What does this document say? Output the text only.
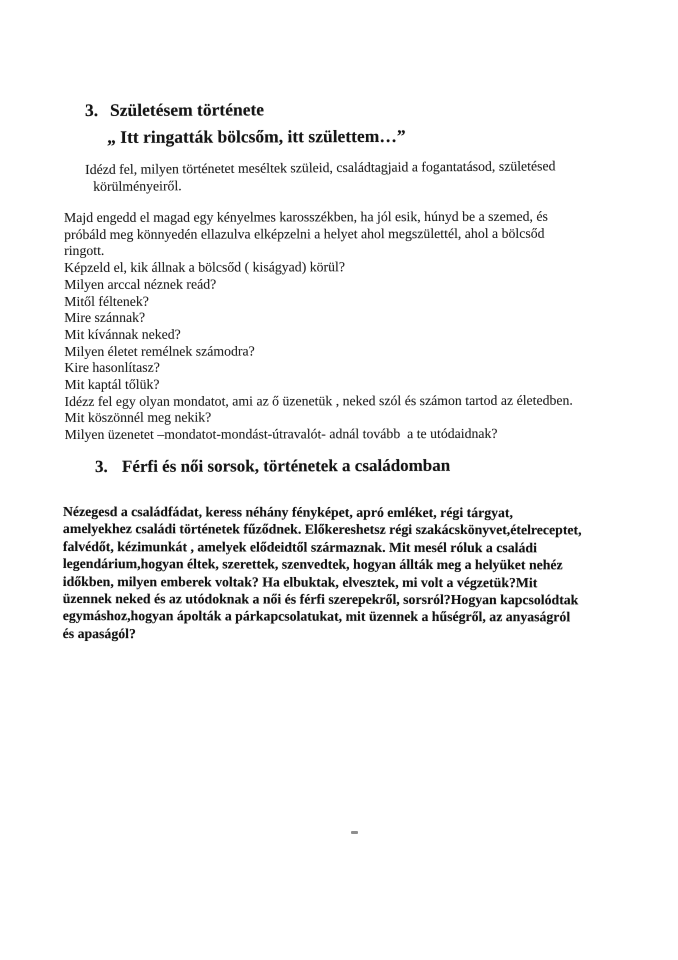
3. Születésem története
„ Itt ringatták bölcsőm, itt születtem…”
Idézd fel, milyen történetet meséltek szüleid, családtagjaid a fogantatásod, születésed
körülményeiről.
Majd engedd el magad egy kényelmes karosszékben, ha jól esik, húnyd be a szemed, és
próbáld meg könnyedén ellazulva elképzelni a helyet ahol megszülettél, ahol a bölcsőd
ringott.
Képzeld el, kik állnak a bölcsőd ( kiságyad) körül?
Milyen arccal néznek reád?
Mitől féltenek?
Mire szánnak?
Mit kívánnak neked?
Milyen életet remélnek számodra?
Kire hasonlítasz?
Mit kaptál tőlük?
Idézz fel egy olyan mondatot, ami az ő üzenetük , neked szól és számon tartod az életedben.
Mit köszönnél meg nekik?
Milyen üzenetet –mondatot-mondást-útravalót- adnál tovább  a te utódaidnak?
3. Férfi és női sorsok, történetek a családomban
Nézegesd a családfádat, keress néhány fényképet, apró emléket, régi tárgyat,
amelyekhez családi történetek fűződnek. Előkereshetsz régi szakácskönyvet,ételreceptet,
falvédőt, kézimunkát , amelyek elődeidtől származnak. Mit mesél róluk a családi
legendárium,hogyan éltek, szerettek, szenvedtek, hogyan állták meg a helyüket nehéz
időkben, milyen emberek voltak? Ha elbuktak, elvesztek, mi volt a végzetük?Mit
üzennek neked és az utódoknak a női és férfi szerepekről, sorsról?Hogyan kapcsolódtak
egymáshoz,hogyan ápolták a párkapcsolatukat, mit üzennek a hűségről, az anyaságról
és apaságól?
